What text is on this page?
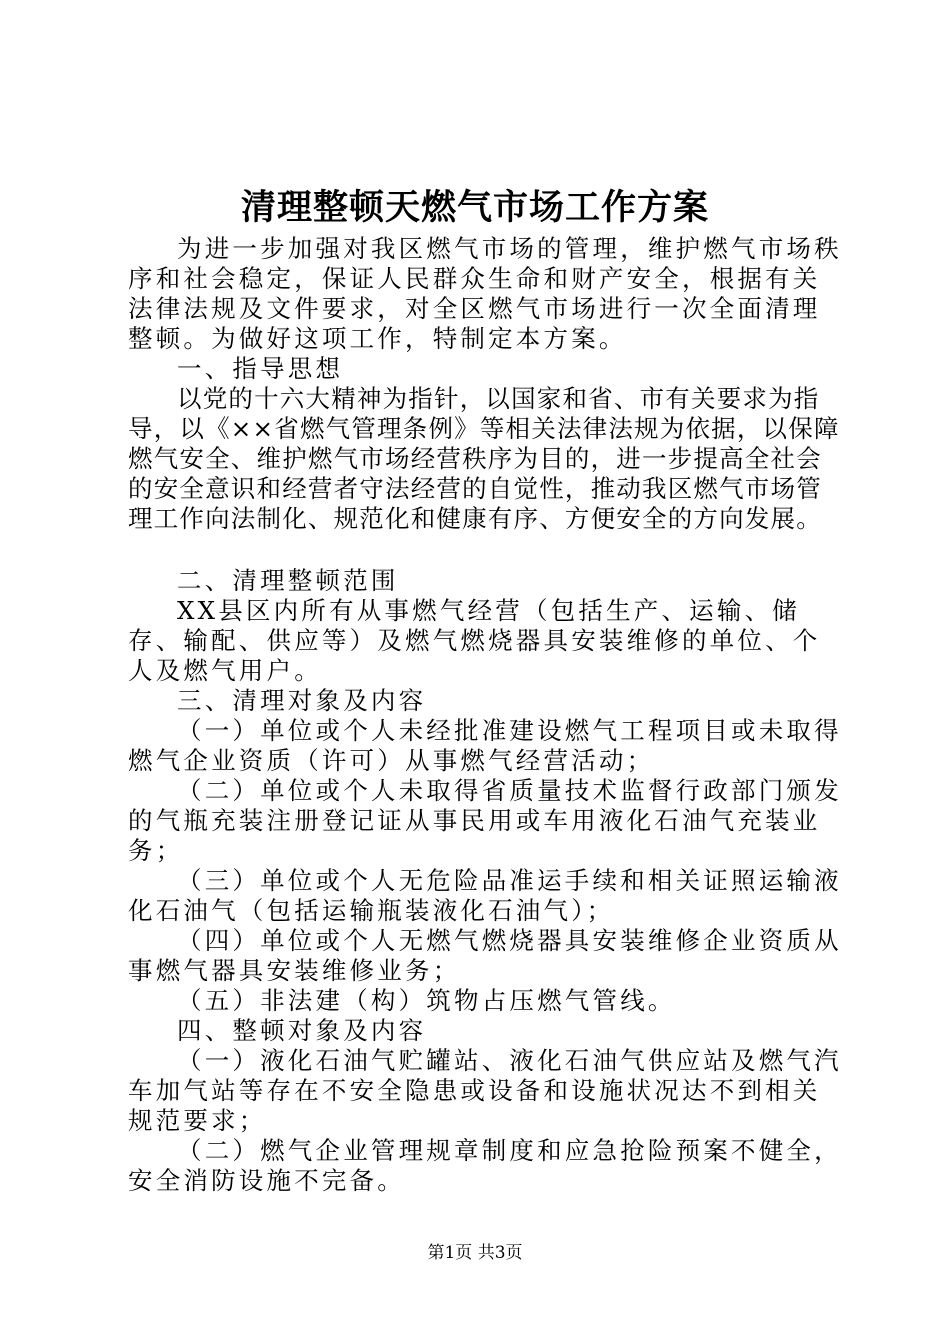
清理整顿天燃气市场工作方案

为进一步加强对我区燃气市场的管理，维护燃气市场秩序和社会稳定，保证人民群众生命和财产安全，根据有关法律法规及文件要求，对全区燃气市场进行一次全面清理整顿。为做好这项工作，特制定本方案。

一、指导思想

以党的十六大精神为指针，以国家和省、市有关要求为指导，以《××省燃气管理条例》等相关法律法规为依据，以保障燃气安全、维护燃气市场经营秩序为目的，进一步提高全社会的安全意识和经营者守法经营的自觉性，推动我区燃气市场管理工作向法制化、规范化和健康有序、方便安全的方向发展。

二、清理整顿范围

XX县区内所有从事燃气经营（包括生产、运输、储存、输配、供应等）及燃气燃烧器具安装维修的单位、个人及燃气用户。

三、清理对象及内容

（一）单位或个人未经批准建设燃气工程项目或未取得燃气企业资质（许可）从事燃气经营活动；

（二）单位或个人未取得省质量技术监督行政部门颁发的气瓶充装注册登记证从事民用或车用液化石油气充装业务；

（三）单位或个人无危险品准运手续和相关证照运输液化石油气（包括运输瓶装液化石油气）；

（四）单位或个人无燃气燃烧器具安装维修企业资质从事燃气器具安装维修业务；

（五）非法建（构）筑物占压燃气管线。

四、整顿对象及内容

（一）液化石油气贮罐站、液化石油气供应站及燃气汽车加气站等存在不安全隐患或设备和设施状况达不到相关规范要求；

（二）燃气企业管理规章制度和应急抢险预案不健全，安全消防设施不完备。

第1页 共3页
